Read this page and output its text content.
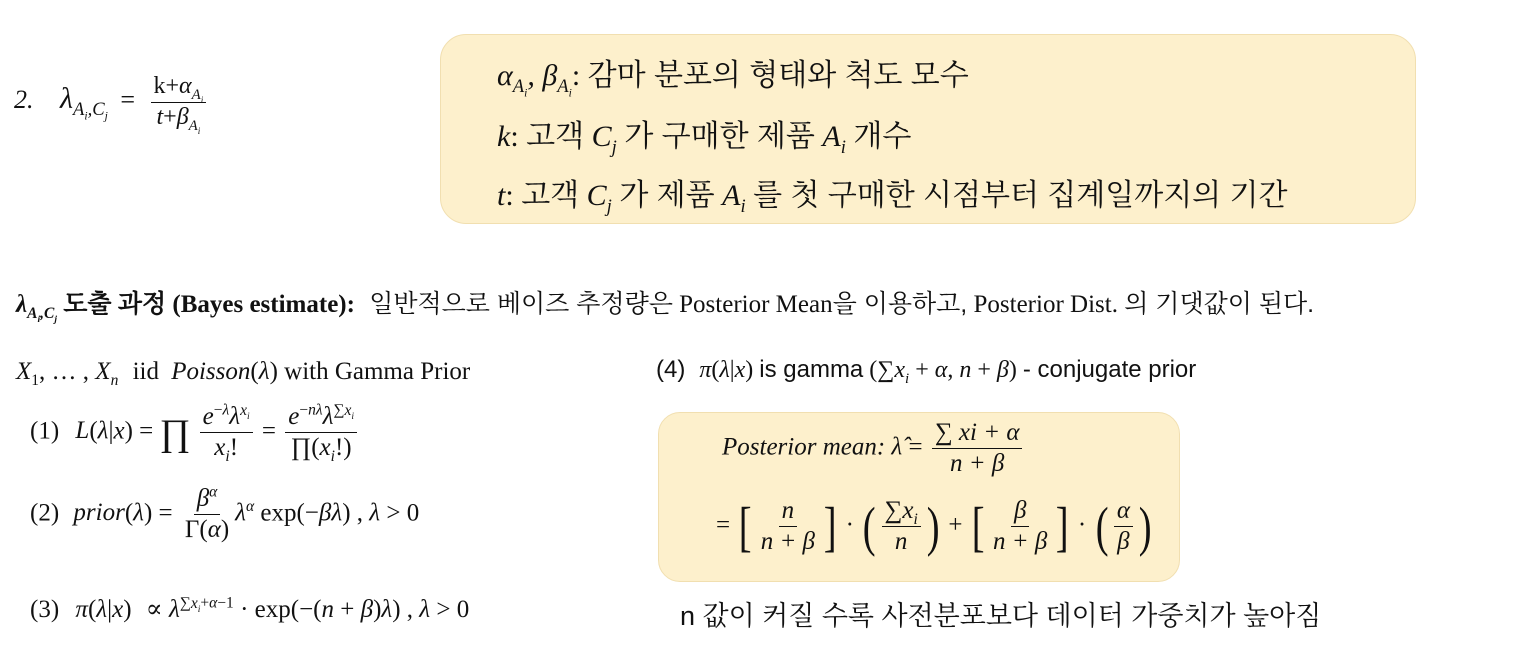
2. $\lambda_{A_i,C_j} = \frac{k+\alpha_{A_i}}{t+\beta_{A_i}}$	$\alpha_{A_i}$, $\beta_{A_i}$: 감마 분포의 형태와 척도 모수
k: 고객 $C_j$ 가 구매한 제품 $A_i$ 개수
t: 고객 $C_j$ 가 제품 $A_i$ 를 첫 구매한 시점부터 집계일까지의 기간
$\lambda_{A_i,C_j}$ 도출 과정 (Bayes estimate): 일반적으로 베이즈 추정량은 Posterior Mean을 이용하고, Posterior Dist. 의 기댓값이 된다.
$X_1$, … , $X_n$ iid Poisson(λ) with Gamma Prior
(1) L(λ|x) = ∏ $\frac{e^{-\lambda}\lambda^{x_i}}{x_i!} = \frac{e^{-n\lambda}\lambda^{\sum x_i}}{\prod(x_i!)}$
(2) prior(λ) = $\frac{\beta^\alpha}{\Gamma(\alpha)} \lambda^\alpha$ exp(−βλ) , λ > 0
(3) $\pi(\lambda|x) \propto \lambda^{\sum x_i+\alpha-1} \cdot \exp(-(n + \beta)\lambda)$ , λ > 0
(4) π(λ|x) is gamma ($\sum x_i + \alpha$, n + β) - conjugate prior
Posterior mean: λ̂ = $\frac{\sum xi + \alpha}{n + \beta}$
= [ $\frac{n}{n + \beta}$ ] · ( $\frac{\sum x_i}{n}$ ) + [ $\frac{\beta}{n + \beta}$ ] · ( $\frac{\alpha}{\beta}$ )
n 값이 커질 수록 사전분포보다 데이터 가중치가 높아짐
